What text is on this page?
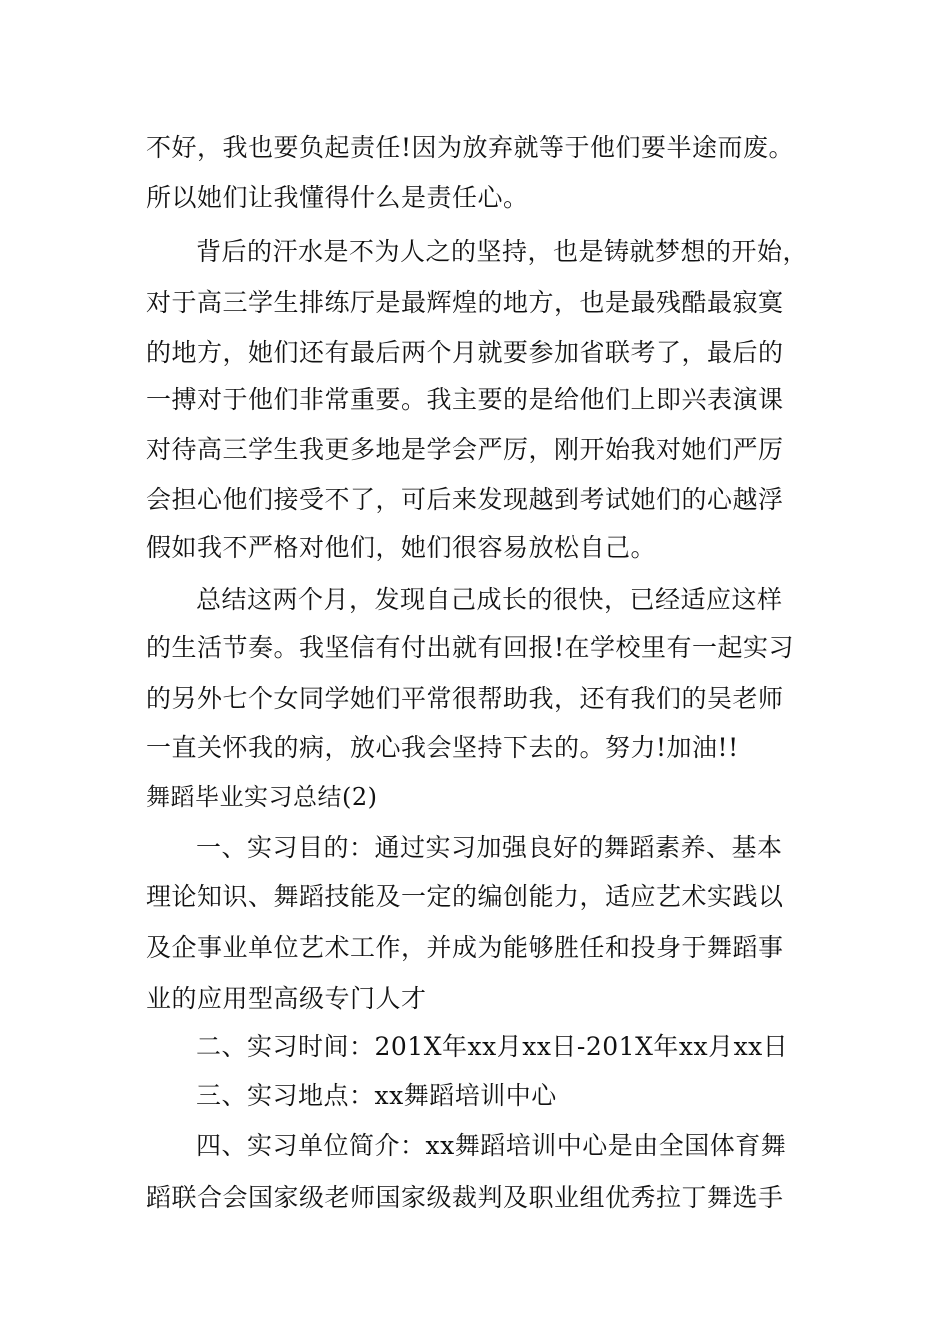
不好，我也要负起责任!因为放弃就等于他们要半途而废。
所以她们让我懂得什么是责任心。
背后的汗水是不为人之的坚持，也是铸就梦想的开始，
对于高三学生排练厅是最辉煌的地方，也是最残酷最寂寞
的地方，她们还有最后两个月就要参加省联考了，最后的
一搏对于他们非常重要。我主要的是给他们上即兴表演课
对待高三学生我更多地是学会严厉，刚开始我对她们严厉
会担心他们接受不了，可后来发现越到考试她们的心越浮
假如我不严格对他们，她们很容易放松自己。
总结这两个月，发现自己成长的很快，已经适应这样
的生活节奏。我坚信有付出就有回报!在学校里有一起实习
的另外七个女同学她们平常很帮助我，还有我们的吴老师
一直关怀我的病，放心我会坚持下去的。努力!加油!!
舞蹈毕业实习总结(2)
一、实习目的：通过实习加强良好的舞蹈素养、基本
理论知识、舞蹈技能及一定的编创能力，适应艺术实践以
及企事业单位艺术工作，并成为能够胜任和投身于舞蹈事
业的应用型高级专门人才
二、实习时间：201X年xx月xx日-201X年xx月xx日
三、实习地点：xx舞蹈培训中心
四、实习单位简介：xx舞蹈培训中心是由全国体育舞
蹈联合会国家级老师国家级裁判及职业组优秀拉丁舞选手
